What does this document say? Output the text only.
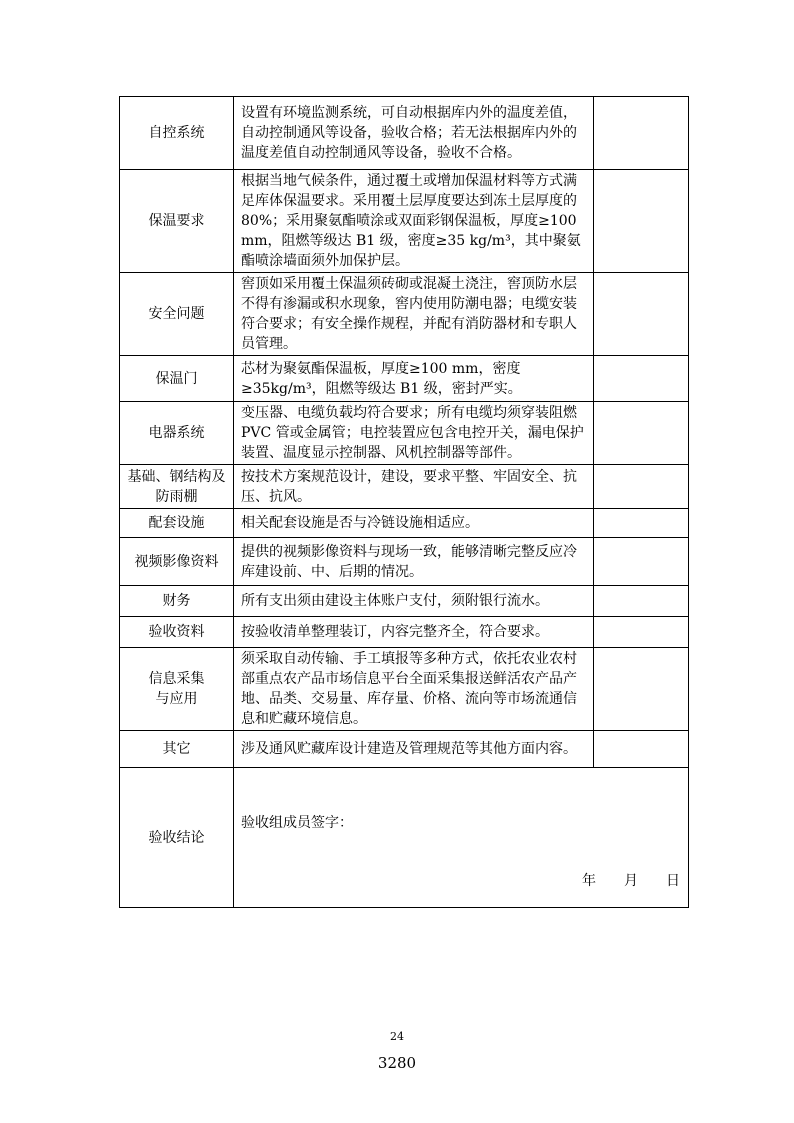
自控系统	设置有环境监测系统，可自动根据库内外的温度差值，
自动控制通风等设备，验收合格；若无法根据库内外的温度差值自动控制通风等设备，验收不合格。	
保温要求	根据当地气候条件，通过覆土或增加保温材料等方式满足库体保温要求。采用覆土层厚度要达到冻土层厚度的 80%；采用聚氨酯喷涂或双面彩钢保温板，厚度≥100 mm，阻燃等级达 B1 级，密度≥35 kg/m³，其中聚氨酯喷涂墙面须外加保护层。	
安全问题	窖顶如采用覆土保温须砖砌或混凝土浇注，窖顶防水层不得有渗漏或积水现象，窖内使用防潮电器；电缆安装符合要求；有安全操作规程，并配有消防器材和专职人员管理。	
保温门	芯材为聚氨酯保温板，厚度≥100 mm，密度≥35kg/m³，阻燃等级达 B1 级，密封严实。	
电器系统	变压器、电缆负载均符合要求；所有电缆均须穿装阻燃 PVC 管或金属管；电控装置应包含电控开关，漏电保护装置、温度显示控制器、风机控制器等部件。	
基础、钢结构及
防雨棚	按技术方案规范设计，建设，要求平整、牢固安全、抗压、抗风。	
配套设施	相关配套设施是否与冷链设施相适应。	
视频影像资料	提供的视频影像资料与现场一致，能够清晰完整反应冷库建设前、中、后期的情况。	
财务	所有支出须由建设主体账户支付，须附银行流水。	
验收资料	按验收清单整理装订，内容完整齐全，符合要求。	
信息采集
与应用	须采取自动传输、手工填报等多种方式，依托农业农村部重点农产品市场信息平台全面采集报送鲜活农产品产地、品类、交易量、库存量、价格、流向等市场流通信息和贮藏环境信息。	
其它	涉及通风贮藏库设计建造及管理规范等其他方面内容。	
验收结论	验收组成员签字：
年 月 日	
24
3280
